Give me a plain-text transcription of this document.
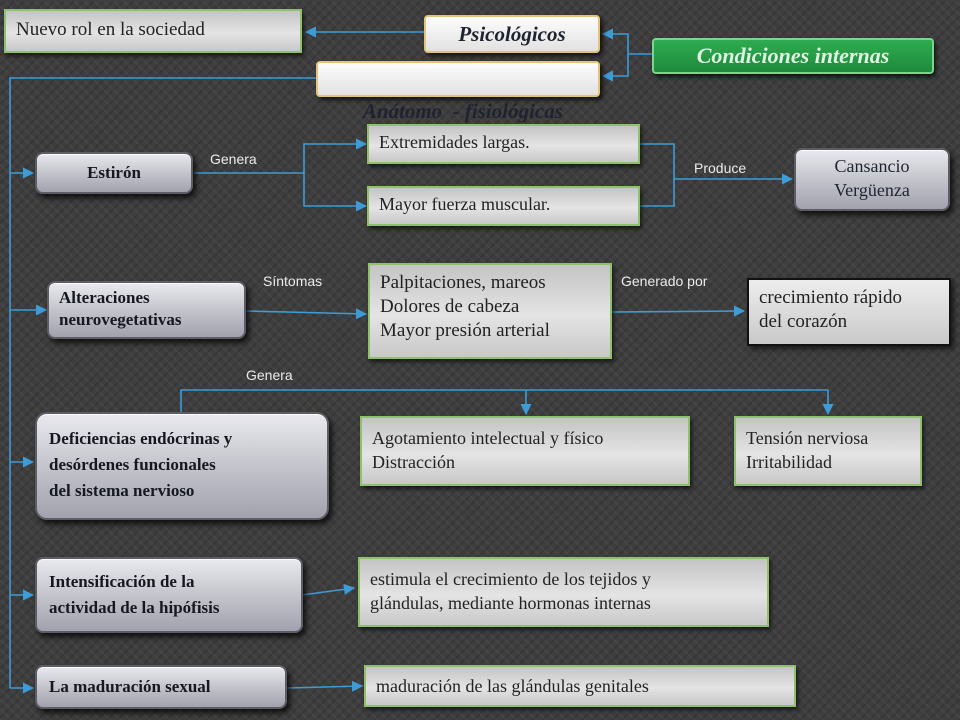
Nuevo rol en la sociedad	Psicológicos
Condiciones internas

Anátomo  - fisiológicas

Estirón
Genera
Extremidades largas.
Mayor fuerza muscular.
Produce	Cansancio
Vergüenza
Alteraciones
neurovegetativas
Síntomas	Palpitaciones, mareos
Dolores de cabeza
Mayor presión arterial
Generado por
crecimiento rápido
del corazón
Genera
Deficiencias endócrinas y
desórdenes funcionales
del sistema nervioso
Agotamiento intelectual y físico
Distracción
Tensión nerviosa
Irritabilidad
Intensificación de la
actividad de la hipófisis
estimula el crecimiento de los tejidos y
glándulas, mediante hormonas internas
La maduración sexual	maduración de las glándulas genitales
